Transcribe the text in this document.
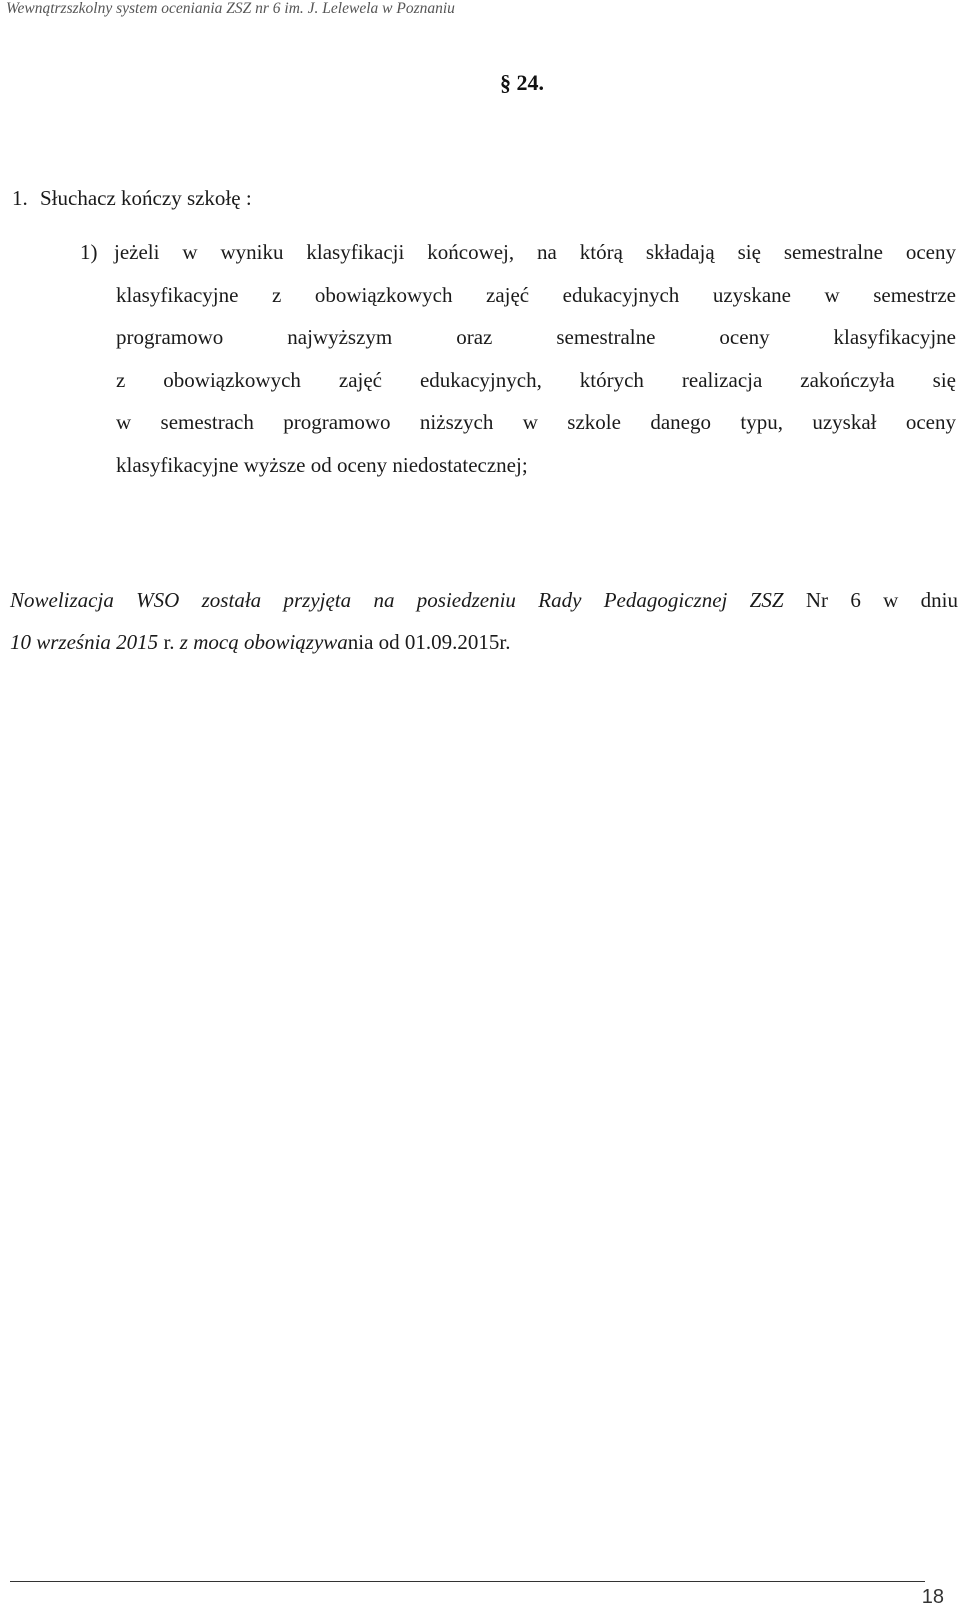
Wewnątrzszkolny system oceniania ZSZ nr 6 im. J. Lelewela w Poznaniu
§ 24.
1. Słuchacz kończy szkołę :
1) jeżeli w wyniku klasyfikacji końcowej, na którą składają się semestralne oceny
klasyfikacyjne z obowiązkowych zajęć edukacyjnych uzyskane w semestrze
programowo najwyższym oraz semestralne oceny klasyfikacyjne
z obowiązkowych zajęć edukacyjnych, których realizacja zakończyła się
w semestrach programowo niższych w szkole danego typu, uzyskał oceny
klasyfikacyjne wyższe od oceny niedostatecznej;
Nowelizacja WSO została przyjęta na posiedzeniu Rady Pedagogicznej ZSZ Nr 6 w dniu
10 września 2015 r. z mocą obowiązywania od 01.09.2015r.
18
